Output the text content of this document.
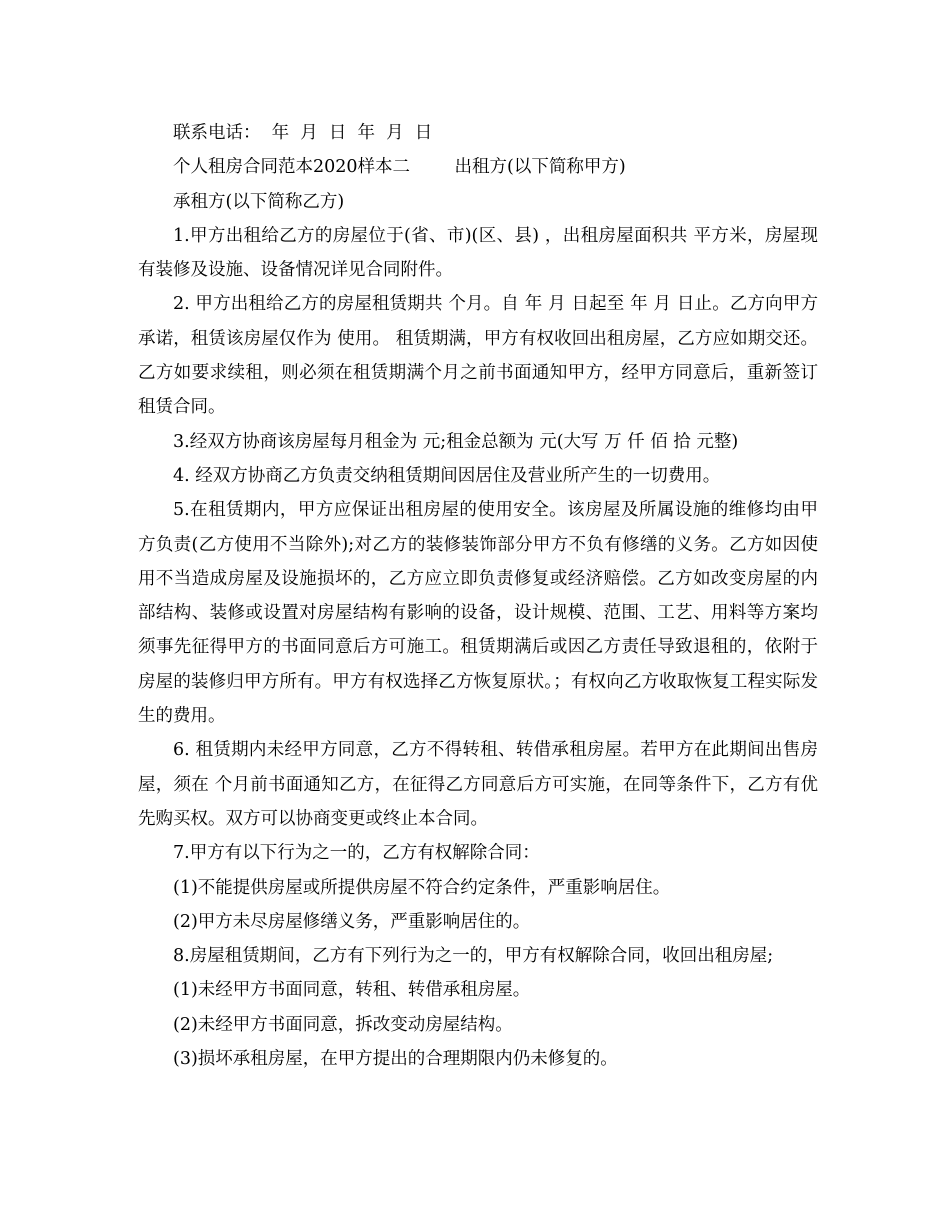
联系电话：  年  月  日  年  月  日

个人租房合同范本2020样本二        出租方(以下简称甲方)

承租方(以下简称乙方)

1.甲方出租给乙方的房屋位于(省、市)(区、县) ，出租房屋面积共 平方米，房屋现有装修及设施、设备情况详见合同附件。

2. 甲方出租给乙方的房屋租赁期共 个月。自 年 月 日起至 年 月 日止。乙方向甲方承诺，租赁该房屋仅作为 使用。 租赁期满，甲方有权收回出租房屋，乙方应如期交还。乙方如要求续租，则必须在租赁期满个月之前书面通知甲方，经甲方同意后，重新签订租赁合同。

3.经双方协商该房屋每月租金为 元;租金总额为 元(大写 万 仟 佰 拾 元整)

4. 经双方协商乙方负责交纳租赁期间因居住及营业所产生的一切费用。

5.在租赁期内，甲方应保证出租房屋的使用安全。该房屋及所属设施的维修均由甲方负责(乙方使用不当除外);对乙方的装修装饰部分甲方不负有修缮的义务。乙方如因使用不当造成房屋及设施损坏的，乙方应立即负责修复或经济赔偿。乙方如改变房屋的内部结构、装修或设置对房屋结构有影响的设备，设计规模、范围、工艺、用料等方案均须事先征得甲方的书面同意后方可施工。租赁期满后或因乙方责任导致退租的，依附于房屋的装修归甲方所有。甲方有权选择乙方恢复原状。；有权向乙方收取恢复工程实际发生的费用。

6. 租赁期内未经甲方同意，乙方不得转租、转借承租房屋。若甲方在此期间出售房屋，须在 个月前书面通知乙方，在征得乙方同意后方可实施，在同等条件下，乙方有优先购买权。双方可以协商变更或终止本合同。

7.甲方有以下行为之一的，乙方有权解除合同：

(1)不能提供房屋或所提供房屋不符合约定条件，严重影响居住。

(2)甲方未尽房屋修缮义务，严重影响居住的。

8.房屋租赁期间，乙方有下列行为之一的，甲方有权解除合同，收回出租房屋;

(1)未经甲方书面同意，转租、转借承租房屋。

(2)未经甲方书面同意，拆改变动房屋结构。

(3)损坏承租房屋，在甲方提出的合理期限内仍未修复的。
